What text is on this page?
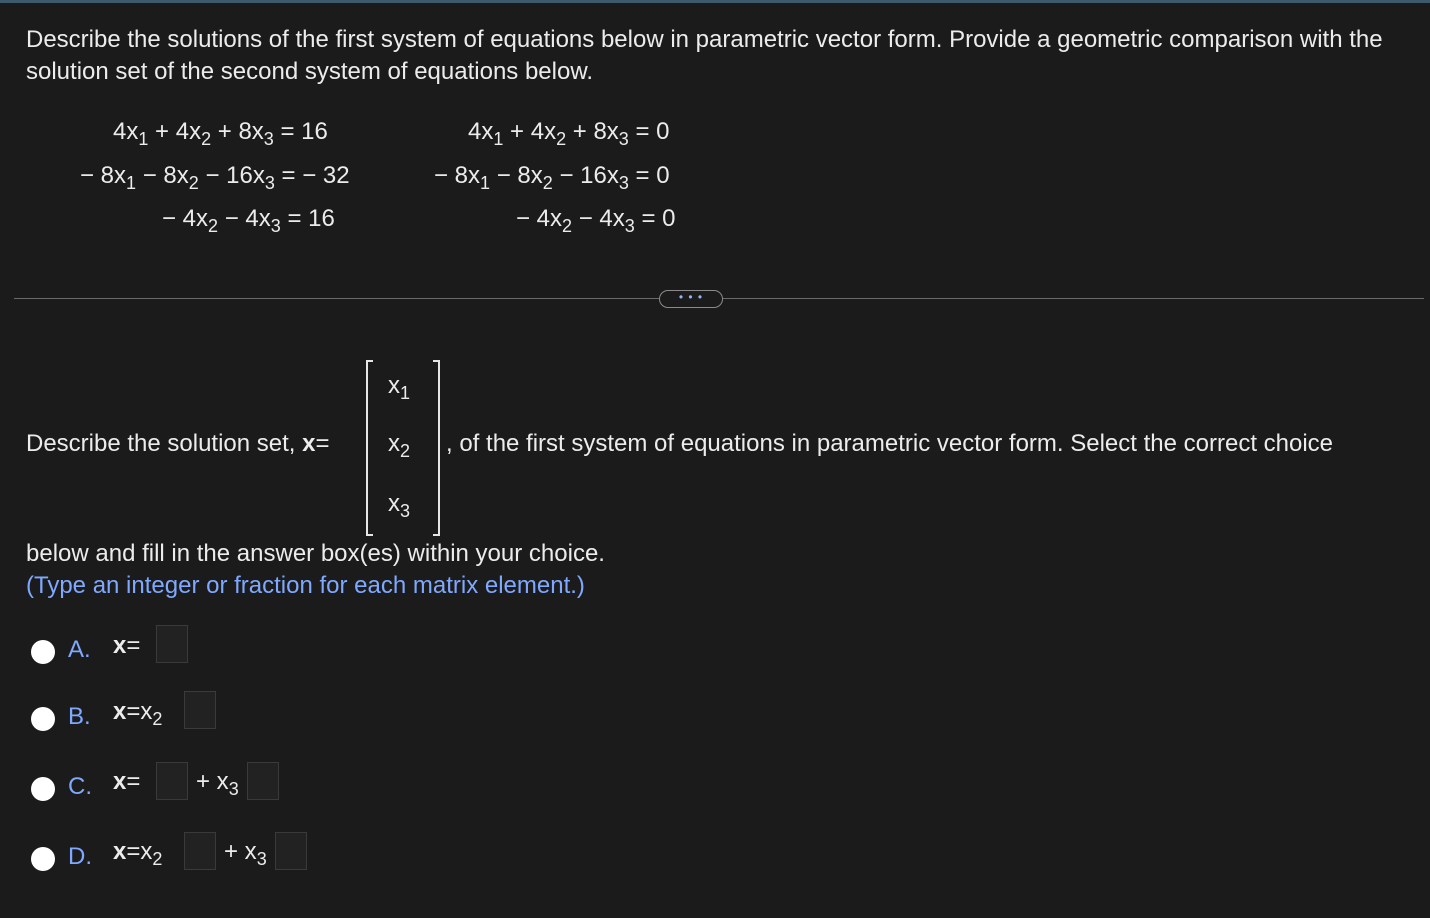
Describe the solutions of the first system of equations below in parametric vector form. Provide a geometric comparison with the solution set of the second system of equations below.
$4x_1 + 4x_2 + 8x_3 = 16$
− $8x_1 - 8x_2 - 16x_3$ = − 32
− $4x_2 - 4x_3 = 16$
$4x_1 + 4x_2 + 8x_3 = 0$
− $8x_1 - 8x_2 - 16x_3 = 0$
− $4x_2 - 4x_3 = 0$
• • •
Describe the solution set, x=
$x_1$
$x_2$
$x_3$
, of the first system of equations in parametric vector form. Select the correct choice
below and fill in the answer box(es) within your choice.
(Type an integer or fraction for each matrix element.)
A. x=
B. $x=x_2$
C. $x= + x_3$
D. $x=x_2$	+ $x_3$
